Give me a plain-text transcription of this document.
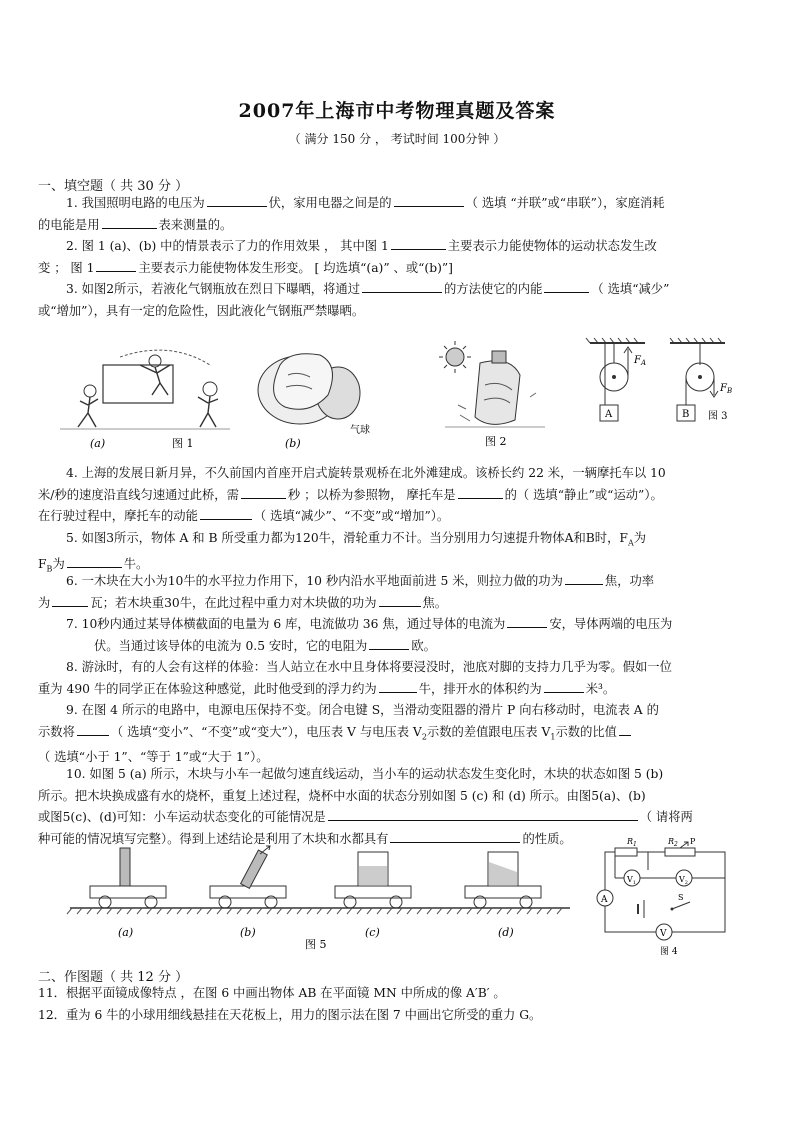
2007年上海市中考物理真题及答案
（ 满分 150 分 ， 考试时间 100分钟 ）
一、填空题（ 共 30 分 ）
1. 我国照明电路的电压为	伏，家用电器之间是的	（ 选填 “并联”或“串联”），家庭消耗
的电能是用	表来测量的。
2. 图 1 (a)、(b) 中的情景表示了力的作用效果 ， 其中图 1	主要表示力能使物体的运动状态发生改
变 ； 图 1	主要表示力能使物体发生形变。 [ 均选填“(a)” 、或“(b)”]
3. 如图2所示，若液化气钢瓶放在烈日下曝晒，将通过	的方法使它的内能	（ 选填“减少”
或“增加”），具有一定的危险性，因此液化气钢瓶严禁曝晒。
(a)	图 1
气球
(b)	图 2
$F_A$
$F_B$
A	B 图 3
4. 上海的发展日新月异，不久前国内首座开启式旋转景观桥在北外滩建成。该桥长约 22 米，一辆摩托车以 10
米/秒的速度沿直线匀速通过此桥，需	秒 ；以桥为参照物， 摩托车是	的（ 选填“静止”或“运动”）。
在行驶过程中，摩托车的动能	（ 选填“减少”、“不变”或“增加”）。
5. 如图3所示，物体 A 和 B 所受重力都为120牛，滑轮重力不计。当分别用力匀速提升物体A和B时，$F_A$为
$F_B$为	牛。
6. 一木块在大小为10牛的水平拉力作用下，10 秒内沿水平地面前进 5 米，则拉力做的功为	焦，功率
为	瓦；若木块重30牛，在此过程中重力对木块做的功为	焦。
7. 10秒内通过某导体横截面的电量为 6 库，电流做功 36 焦，通过导体的电流为	安，导体两端的电压为
伏。当通过该导体的电流为 0.5 安时，它的电阻为	欧。
8. 游泳时，有的人会有这样的体验：当人站立在水中且身体将要浸没时，池底对脚的支持力几乎为零。假如一位
重为 490 牛的同学正在体验这种感觉，此时他受到的浮力约为	牛，排开水的体积约为	米³。
9. 在图 4 所示的电路中，电源电压保持不变。闭合电键 S，当滑动变阻器的滑片 P 向右移动时，电流表 A 的
示数将	（ 选填“变小”、“不变”或“变大”），电压表 V 与电压表 $V_2$示数的差值跟电压表 $V_1$示数的比值
（ 选填“小于 1”、“等于 1”或“大于 1”）。
10. 如图 5 (a) 所示，木块与小车一起做匀速直线运动，当小车的运动状态发生变化时，木块的状态如图 5 (b)
所示。把木块换成盛有水的烧杯，重复上述过程，烧杯中水面的状态分别如图 5 (c) 和 (d) 所示。由图5(a)、(b)
或图5(c)、(d)可知：小车运动状态变化的可能情况是	（ 请将两
种可能的情况填写完整）。得到上述结论是利用了木块和水都具有	的性质。
(a)	(b)	(c)	(d)
图 5
$R_1$	$R_2$ P
$V_1$	$V_2$
A	S
V
图 4
二、作图题（ 共 12 分 ）
11．根据平面镜成像特点 ，在图 6 中画出物体 AB 在平面镜 MN 中所成的像 A′B′ 。
12．重为 6 牛的小球用细线悬挂在天花板上，用力的图示法在图 7 中画出它所受的重力 G。
